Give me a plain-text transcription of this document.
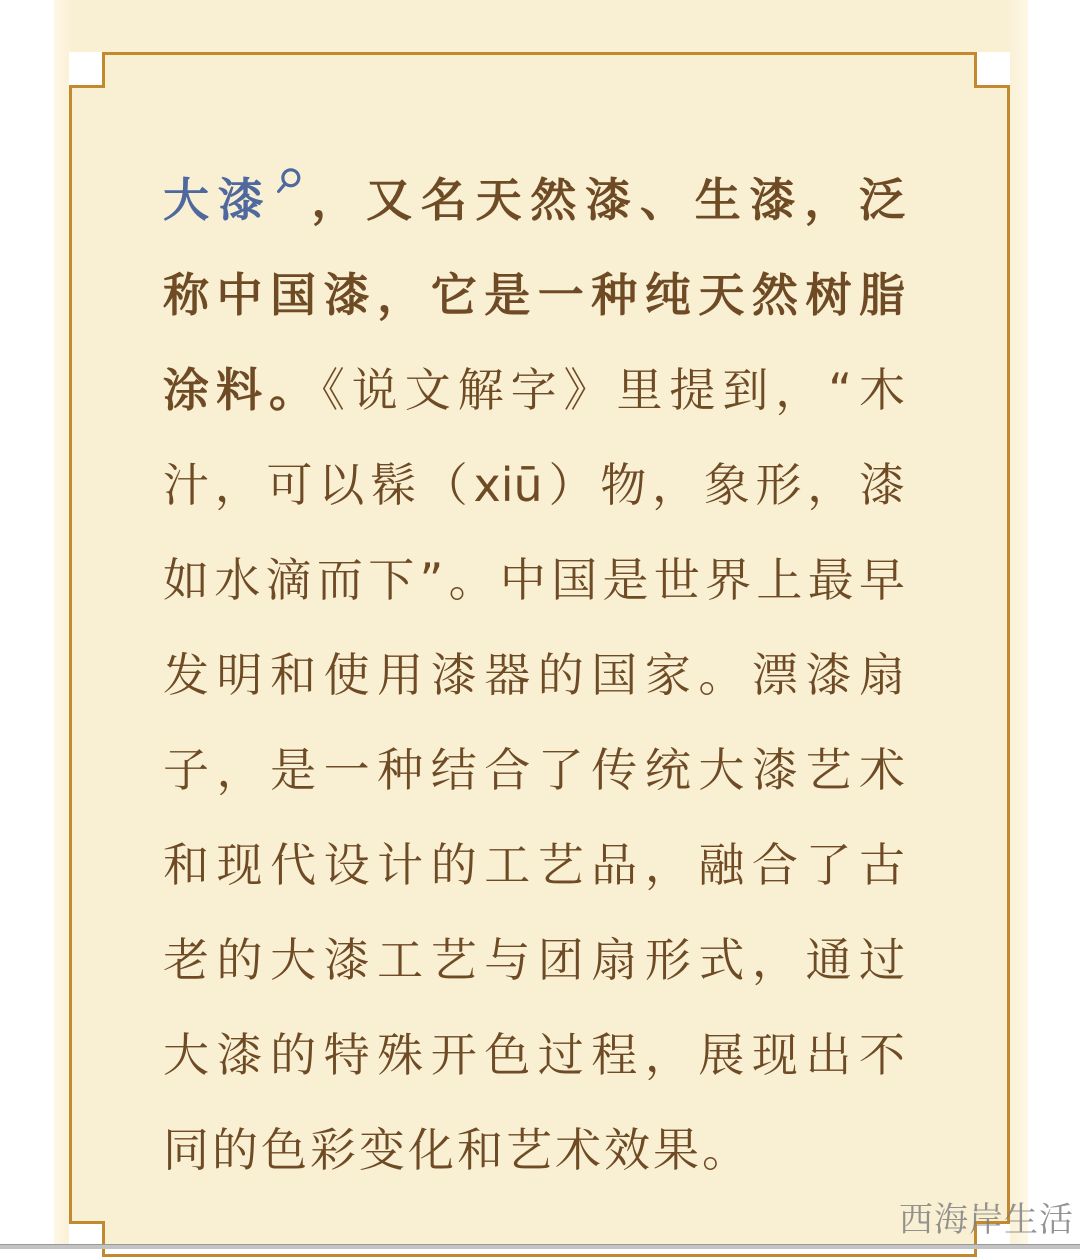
大漆 ，又名天然漆、生漆，泛
称中国漆，它是一种纯天然树脂
涂料。《说文解字》里提到，“木
汁，可以髹（xiū）物，象形，漆
如水滴而下”。中国是世界上最早
发明和使用漆器的国家。漂漆扇
子，是一种结合了传统大漆艺术
和现代设计的工艺品，融合了古
老的大漆工艺与团扇形式，通过
大漆的特殊开色过程，展现出不
同的色彩变化和艺术效果。
西海岸生活
